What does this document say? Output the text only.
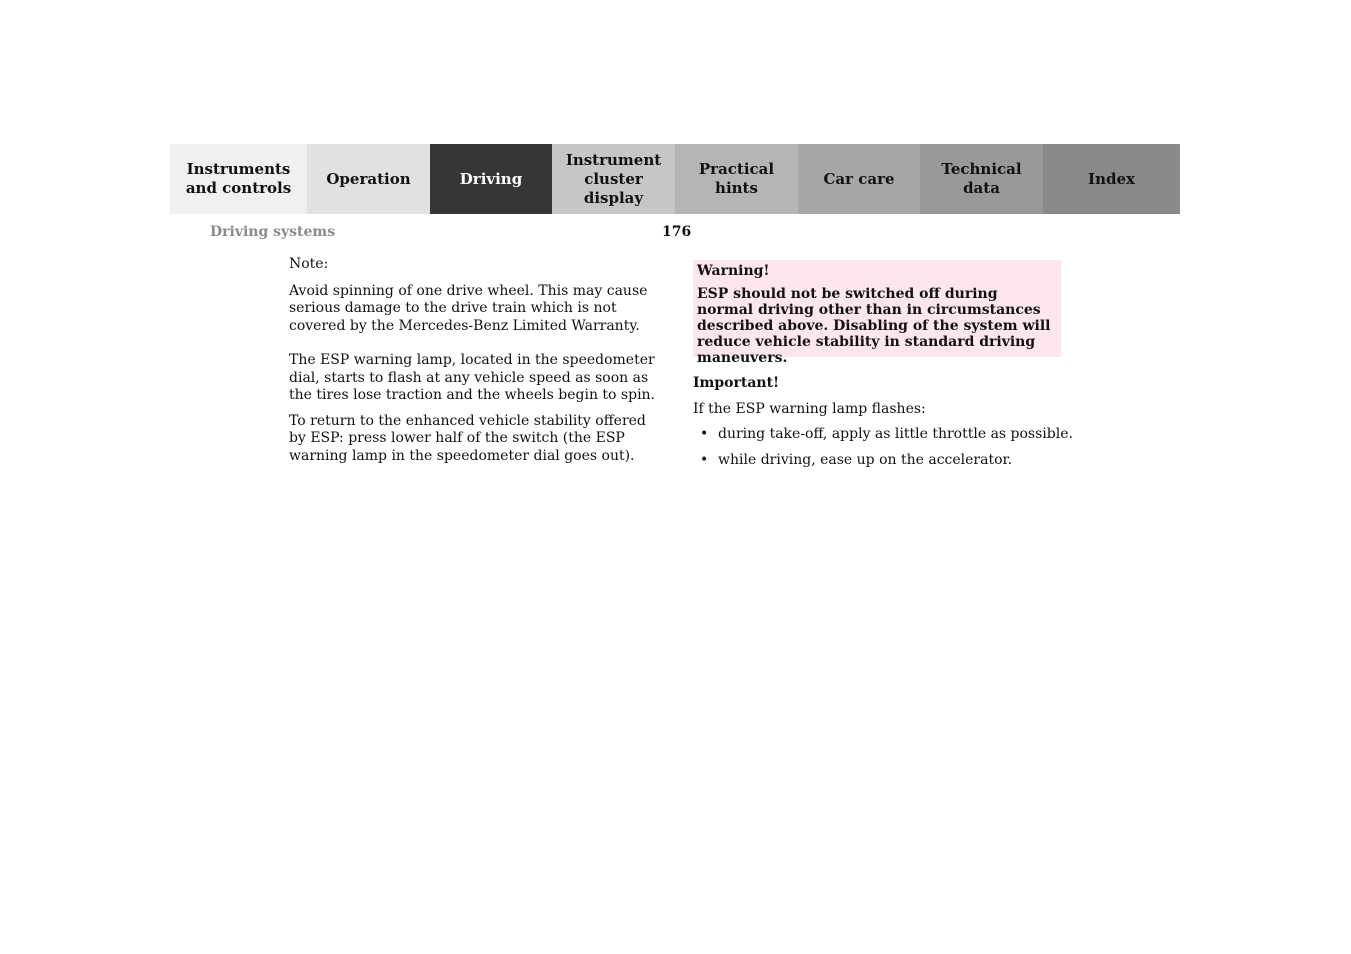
Instruments
and controls
Operation	Driving
Instrument
cluster display
Practical hints
Car care
Technical
data
Index
Driving systems	176

Note:

Avoid spinning of one drive wheel. This may cause serious damage to the drive train which is not covered by the Mercedes-Benz Limited Warranty.

The ESP warning lamp, located in the speedometer dial, starts to flash at any vehicle speed as soon as the tires lose traction and the wheels begin to spin.

To return to the enhanced vehicle stability offered by ESP: press lower half of the switch (the ESP warning lamp in the speedometer dial goes out).

Warning!

ESP should not be switched off during normal driving other than in circumstances described above. Disabling of the system will reduce vehicle stability in standard driving maneuvers.

Important!

If the ESP warning lamp flashes:

• during take-off, apply as little throttle as possible.
• while driving, ease up on the accelerator.
